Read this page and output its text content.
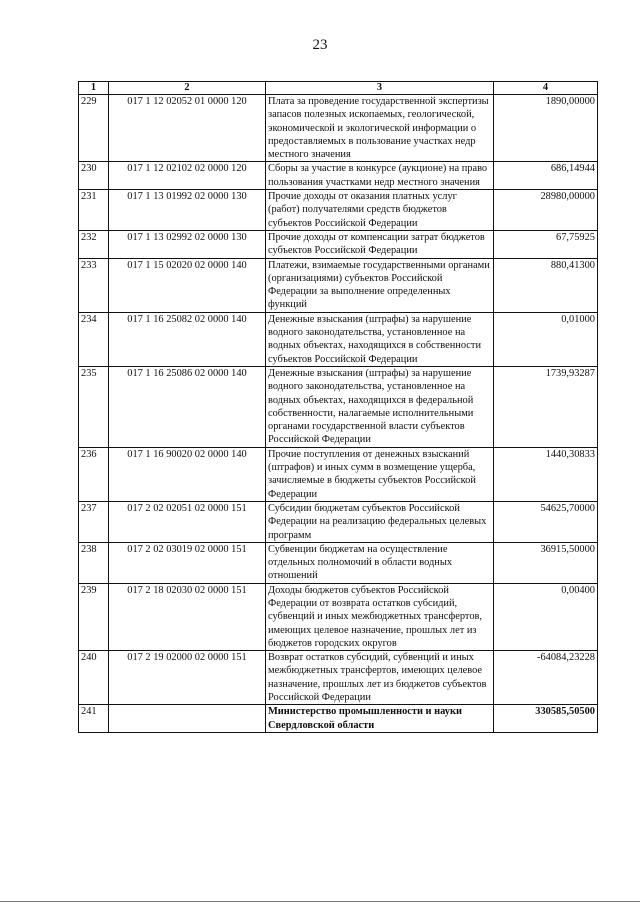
23
1	2	3	4
229	017 1 12 02052 01 0000 120	Плата за проведение государственной экспертизы запасов полезных ископаемых, геологической, экономической и экологической информации о предоставляемых в пользование участках недр местного значения	1890,00000
230	017 1 12 02102 02 0000 120	Сборы за участие в конкурсе (аукционе) на право пользования участками недр местного значения	686,14944
231	017 1 13 01992 02 0000 130	Прочие доходы от оказания платных услуг (работ) получателями средств бюджетов субъектов Российской Федерации	28980,00000
232	017 1 13 02992 02 0000 130	Прочие доходы от компенсации затрат бюджетов субъектов Российской Федерации	67,75925
233	017 1 15 02020 02 0000 140	Платежи, взимаемые государственными органами (организациями) субъектов Российской Федерации за выполнение определенных функций	880,41300
234	017 1 16 25082 02 0000 140	Денежные взыскания (штрафы) за нарушение водного законодательства, установленное на водных объектах, находящихся в собственности субъектов Российской Федерации	0,01000
235	017 1 16 25086 02 0000 140	Денежные взыскания (штрафы) за нарушение водного законодательства, установленное на водных объектах, находящихся в федеральной собственности, налагаемые исполнительными органами государственной власти субъектов Российской Федерации	1739,93287
236	017 1 16 90020 02 0000 140	Прочие поступления от денежных взысканий (штрафов) и иных сумм в возмещение ущерба, зачисляемые в бюджеты субъектов Российской Федерации	1440,30833
237	017 2 02 02051 02 0000 151	Субсидии бюджетам субъектов Российской Федерации на реализацию федеральных целевых программ	54625,70000
238	017 2 02 03019 02 0000 151	Субвенции бюджетам на осуществление отдельных полномочий в области водных отношений	36915,50000
239	017 2 18 02030 02 0000 151	Доходы бюджетов субъектов Российской Федерации от возврата остатков субсидий, субвенций и иных межбюджетных трансфертов, имеющих целевое назначение, прошлых лет из бюджетов городских округов	0,00400
240	017 2 19 02000 02 0000 151	Возврат остатков субсидий, субвенций и иных межбюджетных трансфертов, имеющих целевое назначение, прошлых лет из бюджетов субъектов Российской Федерации	-64084,23228
241		Министерство промышленности и науки Свердловской области	330585,50500
